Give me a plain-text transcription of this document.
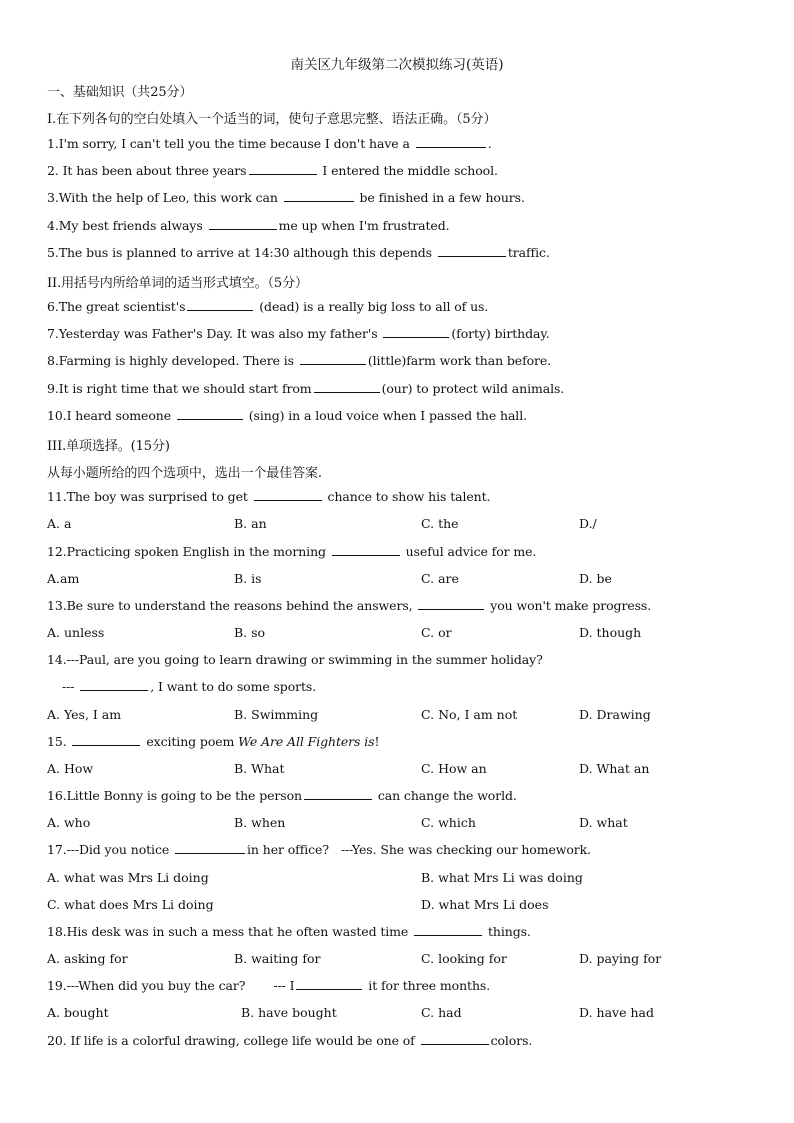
南关区九年级第二次模拟练习(英语)
一、基础知识（共25分）
I.在下列各句的空白处填入一个适当的词，使句子意思完整、语法正确。（5分）
1.I'm sorry, I can't tell you the time because I don't have a	.
2. It has been about three years	I entered the middle school.
3.With the help of Leo, this work can	be finished in a few hours.
4.My best friends always	me up when I'm frustrated.
5.The bus is planned to arrive at 14:30 although this depends	traffic.
II.用括号内所给单词的适当形式填空。（5分）
6.The great scientist's	(dead) is a really big loss to all of us.
7.Yesterday was Father's Day. It was also my father's	(forty) birthday.
8.Farming is highly developed. There is	(little)farm work than before.
9.It is right time that we should start from	(our) to protect wild animals.
10.I heard someone	(sing) in a loud voice when I passed the hall.
III.单项选择。(15分)
从每小题所给的四个选项中，选出一个最佳答案.
11.The boy was surprised to get	chance to show his talent.
A. a	B. an	C. the	D./
12.Practicing spoken English in the morning	useful advice for me.
A.am	B. is	C. are	D. be
13.Be sure to understand the reasons behind the answers,	you won't make progress.
A. unless	B. so	C. or	D. though
14.---Paul, are you going to learn drawing or swimming in the summer holiday?
---	, I want to do some sports.
A. Yes, I am	B. Swimming	C. No, I am not	D. Drawing
15.	exciting poem We Are All Fighters is!
A. How	B. What	C. How an	D. What an
16.Little Bonny is going to be the person	can change the world.
A. who	B. when	C. which	D. what
17.---Did you notice	in her office? ---Yes. She was checking our homework.
A. what was Mrs Li doing	B. what Mrs Li was doing
C. what does Mrs Li doing	D. what Mrs Li does
18.His desk was in such a mess that he often wasted time	things.
A. asking for	B. waiting for	C. looking for	D. paying for
19.---When did you buy the car? --- I	it for three months.
A. bought	B. have bought	C. had	D. have had
20. If life is a colorful drawing, college life would be one of	colors.
